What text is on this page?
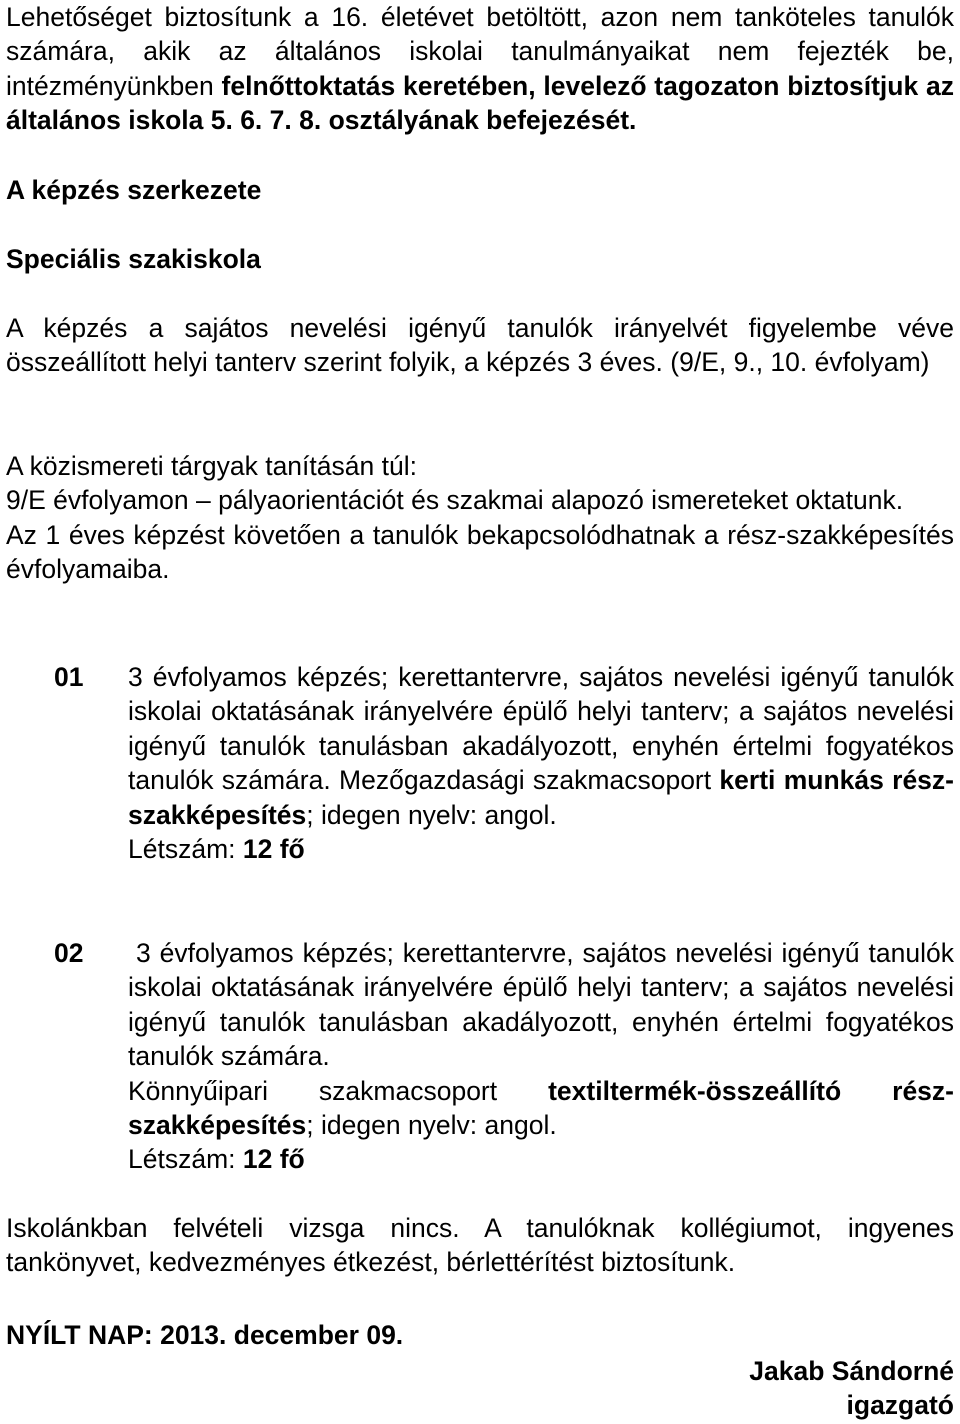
Lehetőséget biztosítunk a 16. életévet betöltött, azon nem tanköteles tanulók számára, akik az általános iskolai tanulmányaikat nem fejezték be, intézményünkben felnőttoktatás keretében, levelező tagozaton biztosítjuk az általános iskola 5. 6. 7. 8. osztályának befejezését.

A képzés szerkezete

Speciális szakiskola

A képzés a sajátos nevelési igényű tanulók irányelvét figyelembe véve összeállított helyi tanterv szerint folyik, a képzés 3 éves. (9/E, 9., 10. évfolyam)

A közismereti tárgyak tanításán túl:

9/E évfolyamon – pályaorientációt és szakmai alapozó ismereteket oktatunk.

Az 1 éves képzést követően a tanulók bekapcsolódhatnak a rész-szakképesítés évfolyamaiba.

01 3 évfolyamos képzés; kerettantervre, sajátos nevelési igényű tanulók iskolai oktatásának irányelvére épülő helyi tanterv; a sajátos nevelési igényű tanulók tanulásban akadályozott, enyhén értelmi fogyatékos tanulók számára. Mezőgazdasági szakmacsoport kerti munkás rész-szakképesítés; idegen nyelv: angol.
Létszám: 12 fő
02	3 évfolyamos képzés; kerettantervre, sajátos nevelési igényű tanulók iskolai oktatásának irányelvére épülő helyi tanterv; a sajátos nevelési igényű tanulók tanulásban akadályozott, enyhén értelmi fogyatékos tanulók számára.
Könnyűipari szakmacsoport textiltermék-összeállító rész-szakképesítés; idegen nyelv: angol.
Létszám: 12 fő

Iskolánkban felvételi vizsga nincs. A tanulóknak kollégiumot, ingyenes tankönyvet, kedvezményes étkezést, bérlettérítést biztosítunk.

NYÍLT NAP: 2013. december 09.

Jakab Sándorné
igazgató
